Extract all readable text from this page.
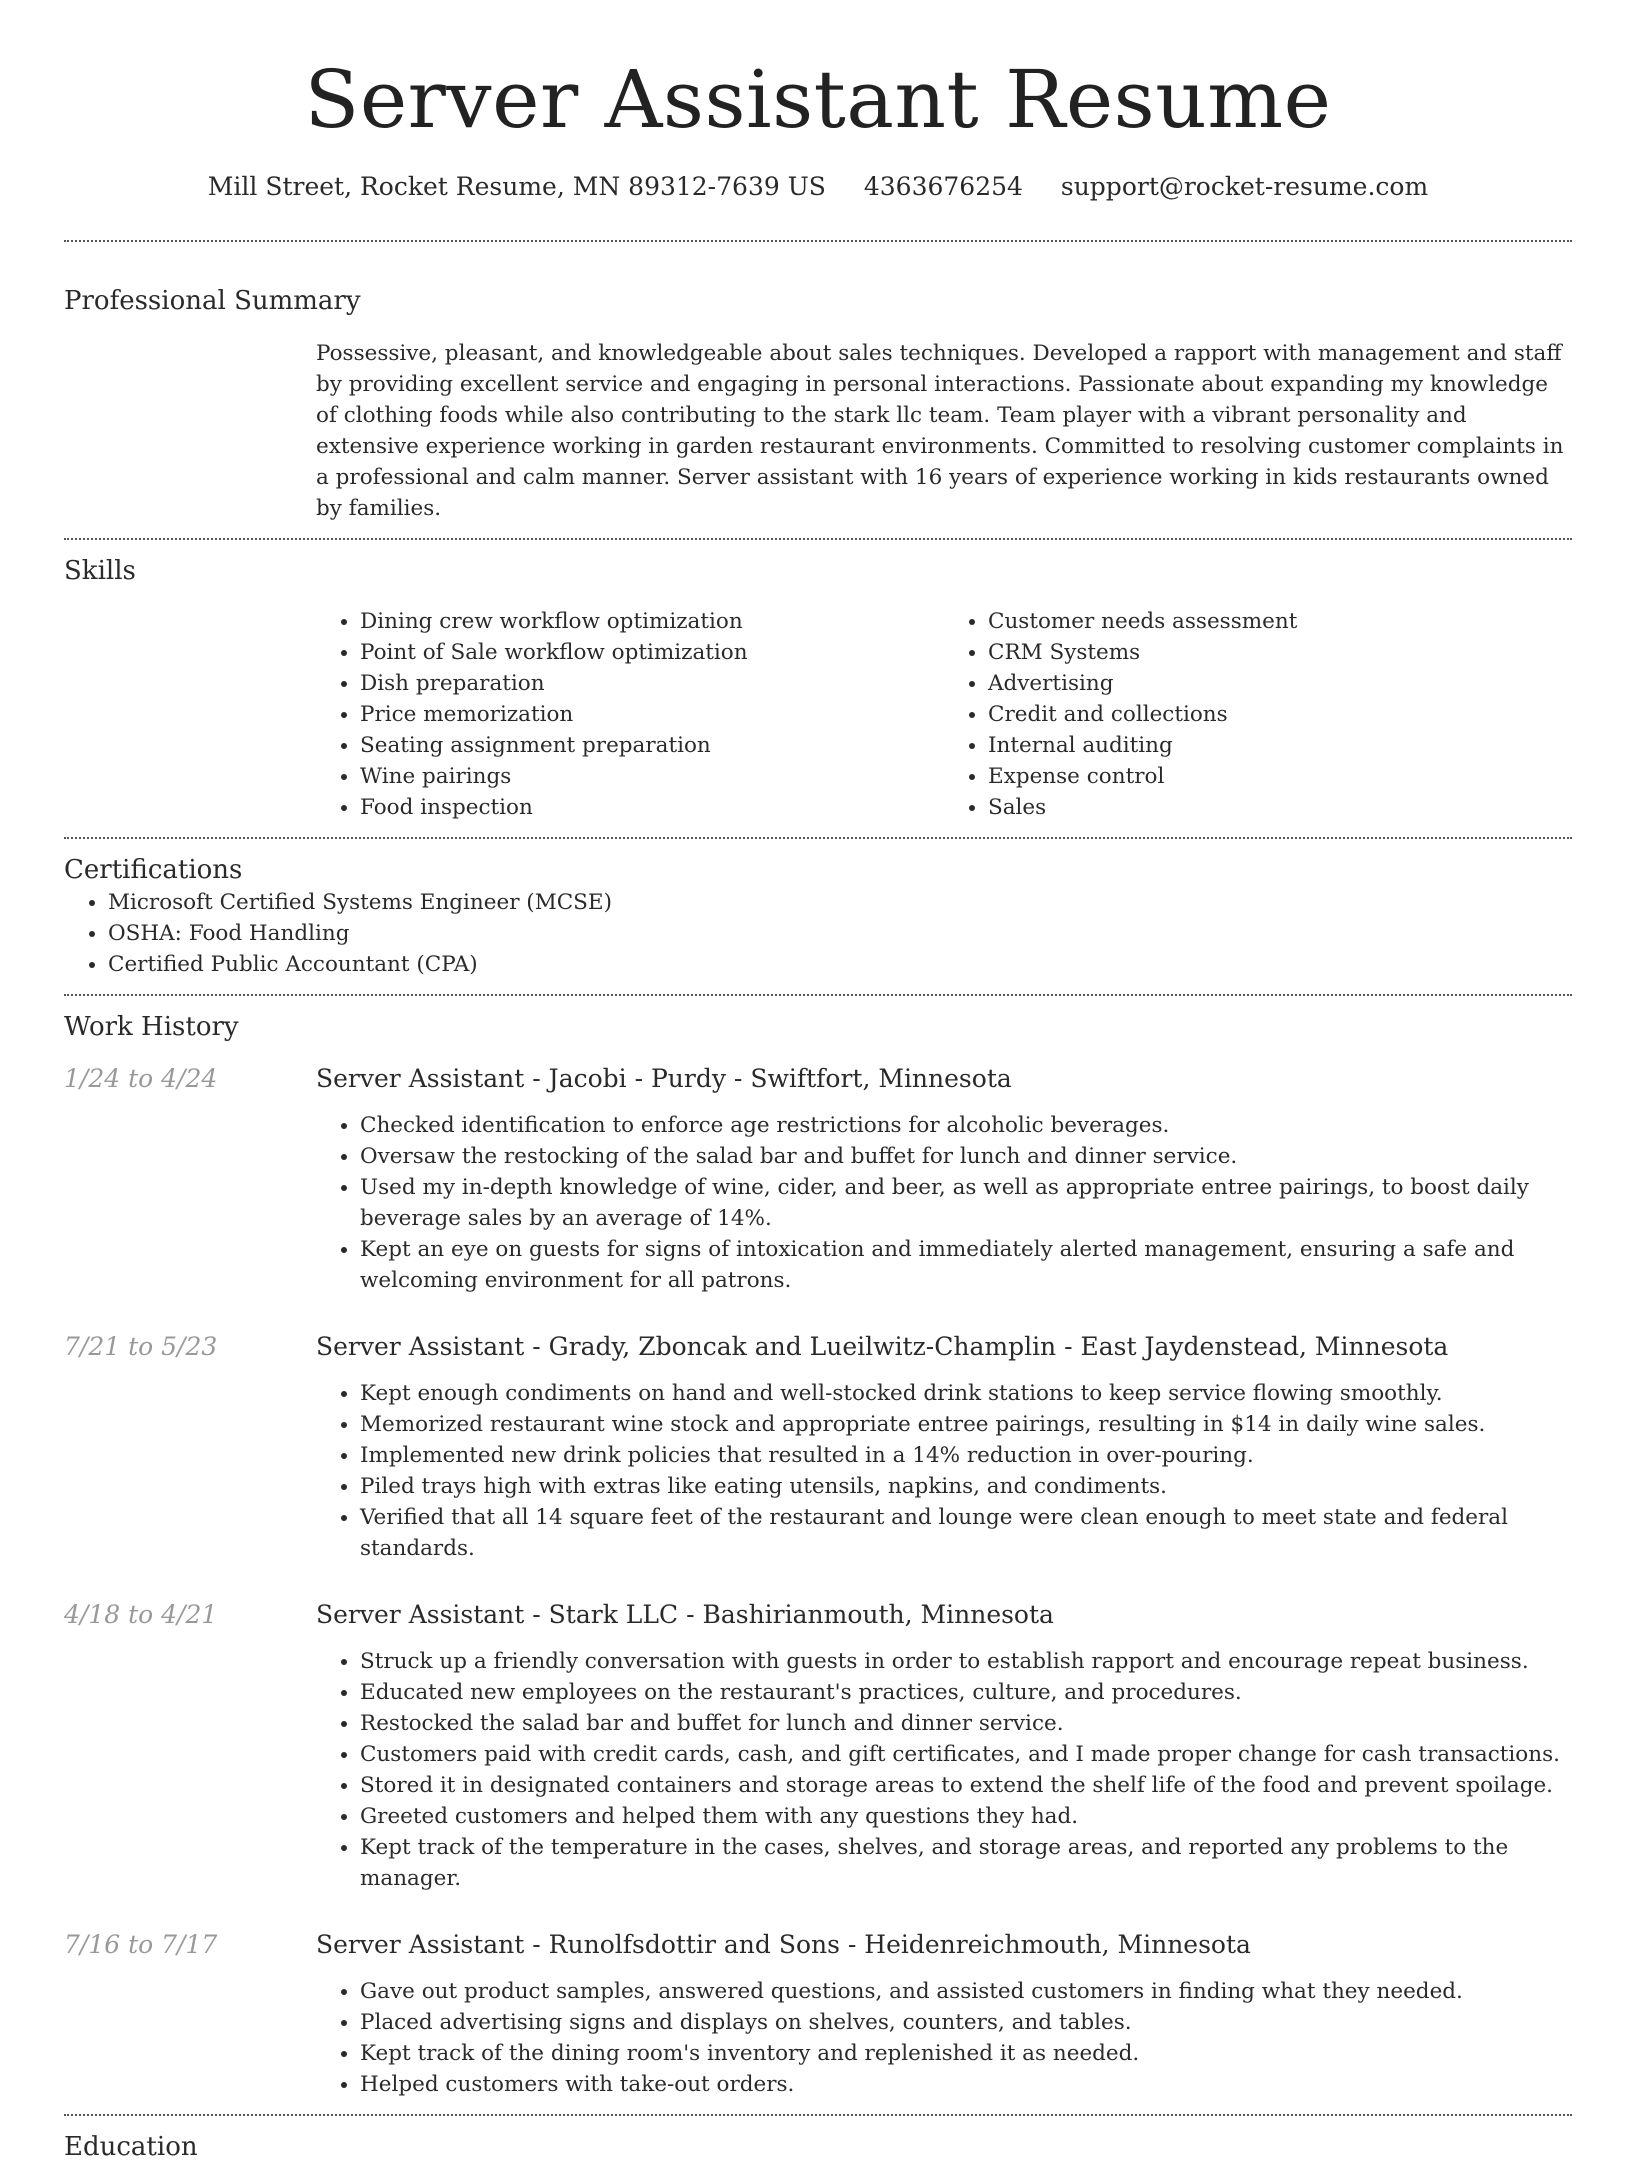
Server Assistant Resume
Mill Street, Rocket Resume, MN 89312-7639 US 4363676254 support@rocket-resume.com
Professional Summary

Possessive, pleasant, and knowledgeable about sales techniques. Developed a rapport with management and staff by providing excellent service and engaging in personal interactions. Passionate about expanding my knowledge of clothing foods while also contributing to the stark llc team. Team player with a vibrant personality and extensive experience working in garden restaurant environments. Committed to resolving customer complaints in a professional and calm manner. Server assistant with 16 years of experience working in kids restaurants owned by families.

Skills
• Dining crew workflow optimization
• Point of Sale workflow optimization
• Dish preparation
• Price memorization
• Seating assignment preparation
• Wine pairings
• Food inspection
• Customer needs assessment
• CRM Systems
• Advertising
• Credit and collections
• Internal auditing
• Expense control
• Sales
Certifications
• Microsoft Certified Systems Engineer (MCSE)
• OSHA: Food Handling
• Certified Public Accountant (CPA)
Work History
1/24 to 4/24	Server Assistant - Jacobi - Purdy - Swiftfort, Minnesota
• Checked identification to enforce age restrictions for alcoholic beverages.
• Oversaw the restocking of the salad bar and buffet for lunch and dinner service.
• Used my in-depth knowledge of wine, cider, and beer, as well as appropriate entree pairings, to boost daily beverage sales by an average of 14%.
• Kept an eye on guests for signs of intoxication and immediately alerted management, ensuring a safe and welcoming environment for all patrons.
7/21 to 5/23	Server Assistant - Grady, Zboncak and Lueilwitz-Champlin - East Jaydenstead, Minnesota
• Kept enough condiments on hand and well-stocked drink stations to keep service flowing smoothly.
• Memorized restaurant wine stock and appropriate entree pairings, resulting in $14 in daily wine sales.
• Implemented new drink policies that resulted in a 14% reduction in over-pouring.
• Piled trays high with extras like eating utensils, napkins, and condiments.
• Verified that all 14 square feet of the restaurant and lounge were clean enough to meet state and federal standards.
4/18 to 4/21	Server Assistant - Stark LLC - Bashirianmouth, Minnesota
• Struck up a friendly conversation with guests in order to establish rapport and encourage repeat business.
• Educated new employees on the restaurant's practices, culture, and procedures.
• Restocked the salad bar and buffet for lunch and dinner service.
• Customers paid with credit cards, cash, and gift certificates, and I made proper change for cash transactions.
• Stored it in designated containers and storage areas to extend the shelf life of the food and prevent spoilage.
• Greeted customers and helped them with any questions they had.
• Kept track of the temperature in the cases, shelves, and storage areas, and reported any problems to the manager.
7/16 to 7/17	Server Assistant - Runolfsdottir and Sons - Heidenreichmouth, Minnesota
• Gave out product samples, answered questions, and assisted customers in finding what they needed.
• Placed advertising signs and displays on shelves, counters, and tables.
• Kept track of the dining room's inventory and replenished it as needed.
• Helped customers with take-out orders.
Education
